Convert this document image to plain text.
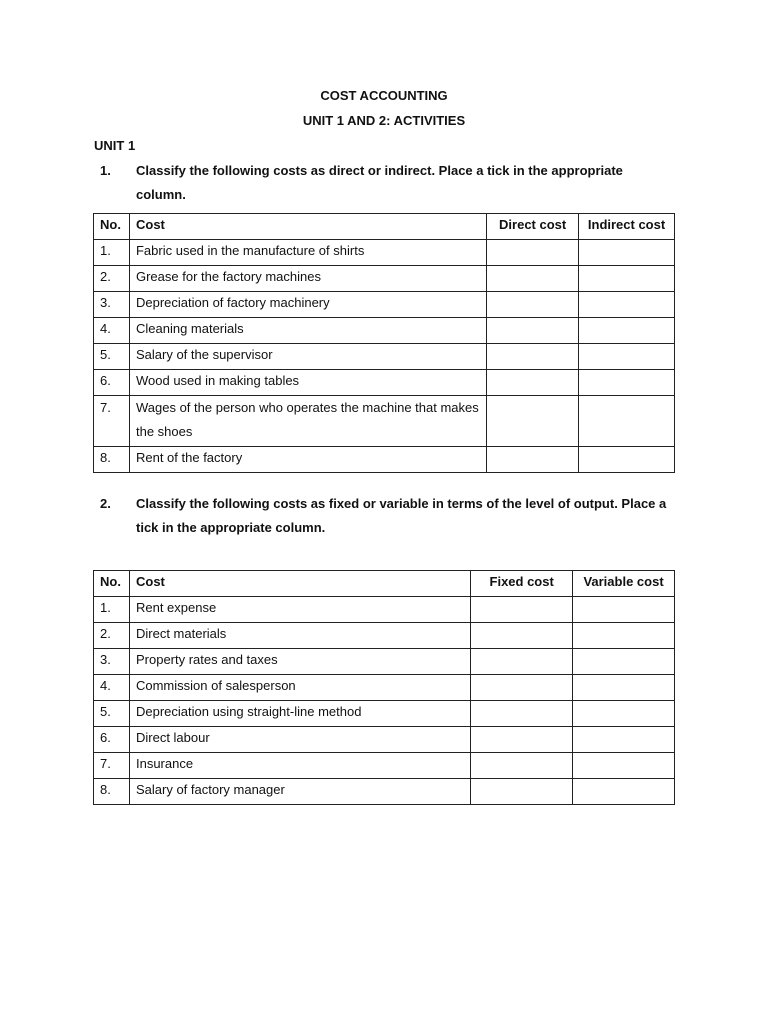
COST ACCOUNTING
UNIT 1 AND 2: ACTIVITIES
UNIT 1
1. Classify the following costs as direct or indirect. Place a tick in the appropriate column.
No.	Cost	Direct cost	Indirect cost
1.	Fabric used in the manufacture of shirts		
2.	Grease for the factory machines		
3.	Depreciation of factory machinery		
4.	Cleaning materials		
5.	Salary of the supervisor		
6.	Wood used in making tables		
7.	Wages of the person who operates the machine that makes the shoes		
8.	Rent of the factory		
2. Classify the following costs as fixed or variable in terms of the level of output. Place a tick in the appropriate column.
No.	Cost	Fixed cost	Variable cost
1.	Rent expense		
2.	Direct materials		
3.	Property rates and taxes		
4.	Commission of salesperson		
5.	Depreciation using straight-line method		
6.	Direct labour		
7.	Insurance		
8.	Salary of factory manager		
